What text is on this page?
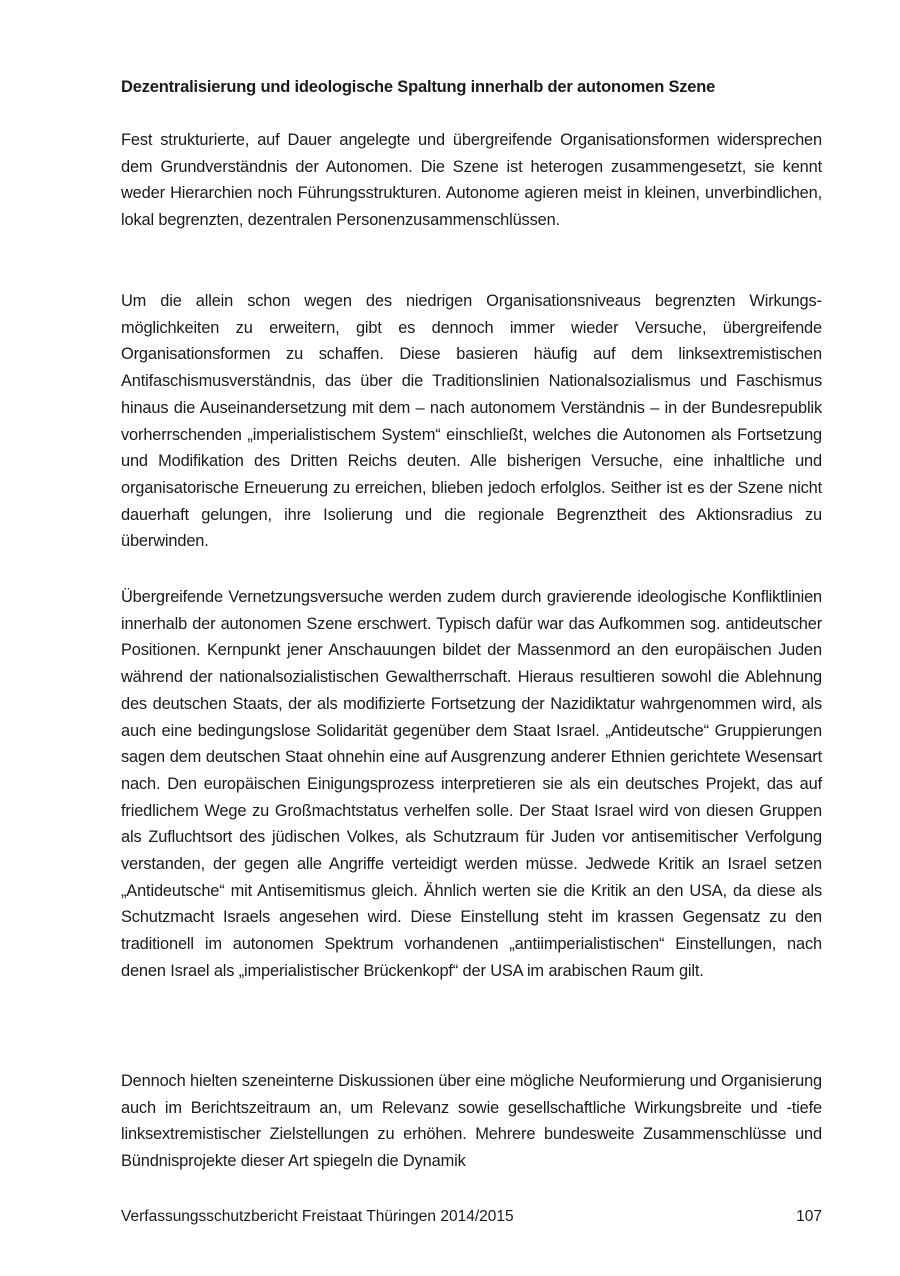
Dezentralisierung und ideologische Spaltung innerhalb der autonomen Szene

Fest strukturierte, auf Dauer angelegte und übergreifende Organisationsformen widersprechen dem Grundverständnis der Autonomen. Die Szene ist heterogen zusammengesetzt, sie kennt weder Hierarchien noch Führungsstrukturen. Autonome agieren meist in kleinen, unverbindlichen, lokal begrenzten, dezentralen Personenzusammenschlüssen.

Um die allein schon wegen des niedrigen Organisationsniveaus begrenzten Wirkungsmöglichkeiten zu erweitern, gibt es dennoch immer wieder Versuche, übergreifende Organisationsformen zu schaffen. Diese basieren häufig auf dem linksextremistischen Antifaschismusverständnis, das über die Traditionslinien Nationalsozialismus und Faschismus hinaus die Auseinandersetzung mit dem – nach autonomem Verständnis – in der Bundesrepublik vorherrschenden „imperialistischem System“ einschließt, welches die Autonomen als Fortsetzung und Modifikation des Dritten Reichs deuten. Alle bisherigen Versuche, eine inhaltliche und organisatorische Erneuerung zu erreichen, blieben jedoch erfolglos. Seither ist es der Szene nicht dauerhaft gelungen, ihre Isolierung und die regionale Begrenztheit des Aktionsradius zu überwinden.

Übergreifende Vernetzungsversuche werden zudem durch gravierende ideologische Konfliktlinien innerhalb der autonomen Szene erschwert. Typisch dafür war das Aufkommen sog. antideutscher Positionen. Kernpunkt jener Anschauungen bildet der Massenmord an den europäischen Juden während der nationalsozialistischen Gewaltherrschaft. Hieraus resultieren sowohl die Ablehnung des deutschen Staats, der als modifizierte Fortsetzung der Nazidiktatur wahrgenommen wird, als auch eine bedingungslose Solidarität gegenüber dem Staat Israel. „Antideutsche“ Gruppierungen sagen dem deutschen Staat ohnehin eine auf Ausgrenzung anderer Ethnien gerichtete Wesensart nach. Den europäischen Einigungsprozess interpretieren sie als ein deutsches Projekt, das auf friedlichem Wege zu Großmachtstatus verhelfen solle. Der Staat Israel wird von diesen Gruppen als Zufluchtsort des jüdischen Volkes, als Schutzraum für Juden vor antisemitischer Verfolgung verstanden, der gegen alle Angriffe verteidigt werden müsse. Jedwede Kritik an Israel setzen „Antideutsche“ mit Antisemitismus gleich. Ähnlich werten sie die Kritik an den USA, da diese als Schutzmacht Israels angesehen wird. Diese Einstellung steht im krassen Gegensatz zu den traditionell im autonomen Spektrum vorhandenen „antiimperialistischen“ Einstellungen, nach denen Israel als „imperialistischer Brückenkopf“ der USA im arabischen Raum gilt.

Dennoch hielten szeneinterne Diskussionen über eine mögliche Neuformierung und Organisierung auch im Berichtszeitraum an, um Relevanz sowie gesellschaftliche Wirkungsbreite und -tiefe linksextremistischer Zielstellungen zu erhöhen. Mehrere bundesweite Zusammenschlüsse und Bündnisprojekte dieser Art spiegeln die Dynamik

Verfassungsschutzbericht Freistaat Thüringen 2014/2015	107
